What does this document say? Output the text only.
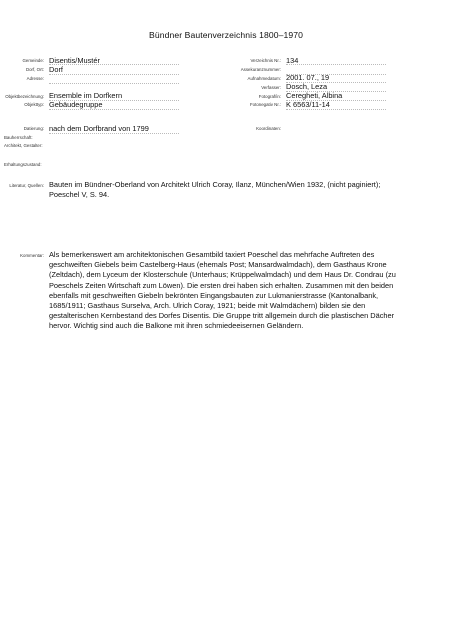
Bündner Bautenverzeichnis 1800–1970
Gemeinde: Disentis/Mustér
Dorf, Ort: Dorf
Adresse:
Objektbezeichnung: Ensemble im Dorfkern
Objekttyp: Gebäudegruppe
Verzeichnis Nr.: 134
Assekuranznummer:
Aufnahmedatum: 2001. 07., 19
Verfasser: Dosch, Leza
Fotograf/in: Ceregheti, Albina
Fotonegativ Nr.: K 6563/11-14
Datierung: nach dem Dorfbrand von 1799	Koordinaten:
Bauherrschaft:
Architekt, Gestalter:
Erhaltungszustand:
Literatur, Quellen: Bauten im Bündner-Oberland von Architekt Ulrich Coray, Ilanz, München/Wien 1932, (nicht paginiert); Poeschel V, S. 94.
Kommentar: Als bemerkenswert am architektonischen Gesamtbild taxiert Poeschel das mehrfache Auftreten des geschweiften Giebels beim Castelberg-Haus (ehemals Post; Mansardwalmdach), dem Gasthaus Krone (Zeltdach), dem Lyceum der Klosterschule (Unterhaus; Krüppelwalmdach) und dem Haus Dr. Condrau (zu Poeschels Zeiten Wirtschaft zum Löwen). Die ersten drei haben sich erhalten. Zusammen mit den beiden ebenfalls mit geschweiften Giebeln bekrönten Eingangsbauten zur Lukmanierstrasse (Kantonalbank, 1685/1911; Gasthaus Surselva, Arch. Ulrich Coray, 1921; beide mit Walmdächern) bilden sie den gestalterischen Kernbestand des Dorfes Disentis. Die Gruppe tritt allgemein durch die plastischen Dächer hervor. Wichtig sind auch die Balkone mit ihren schmiedeeisernen Geländern.
